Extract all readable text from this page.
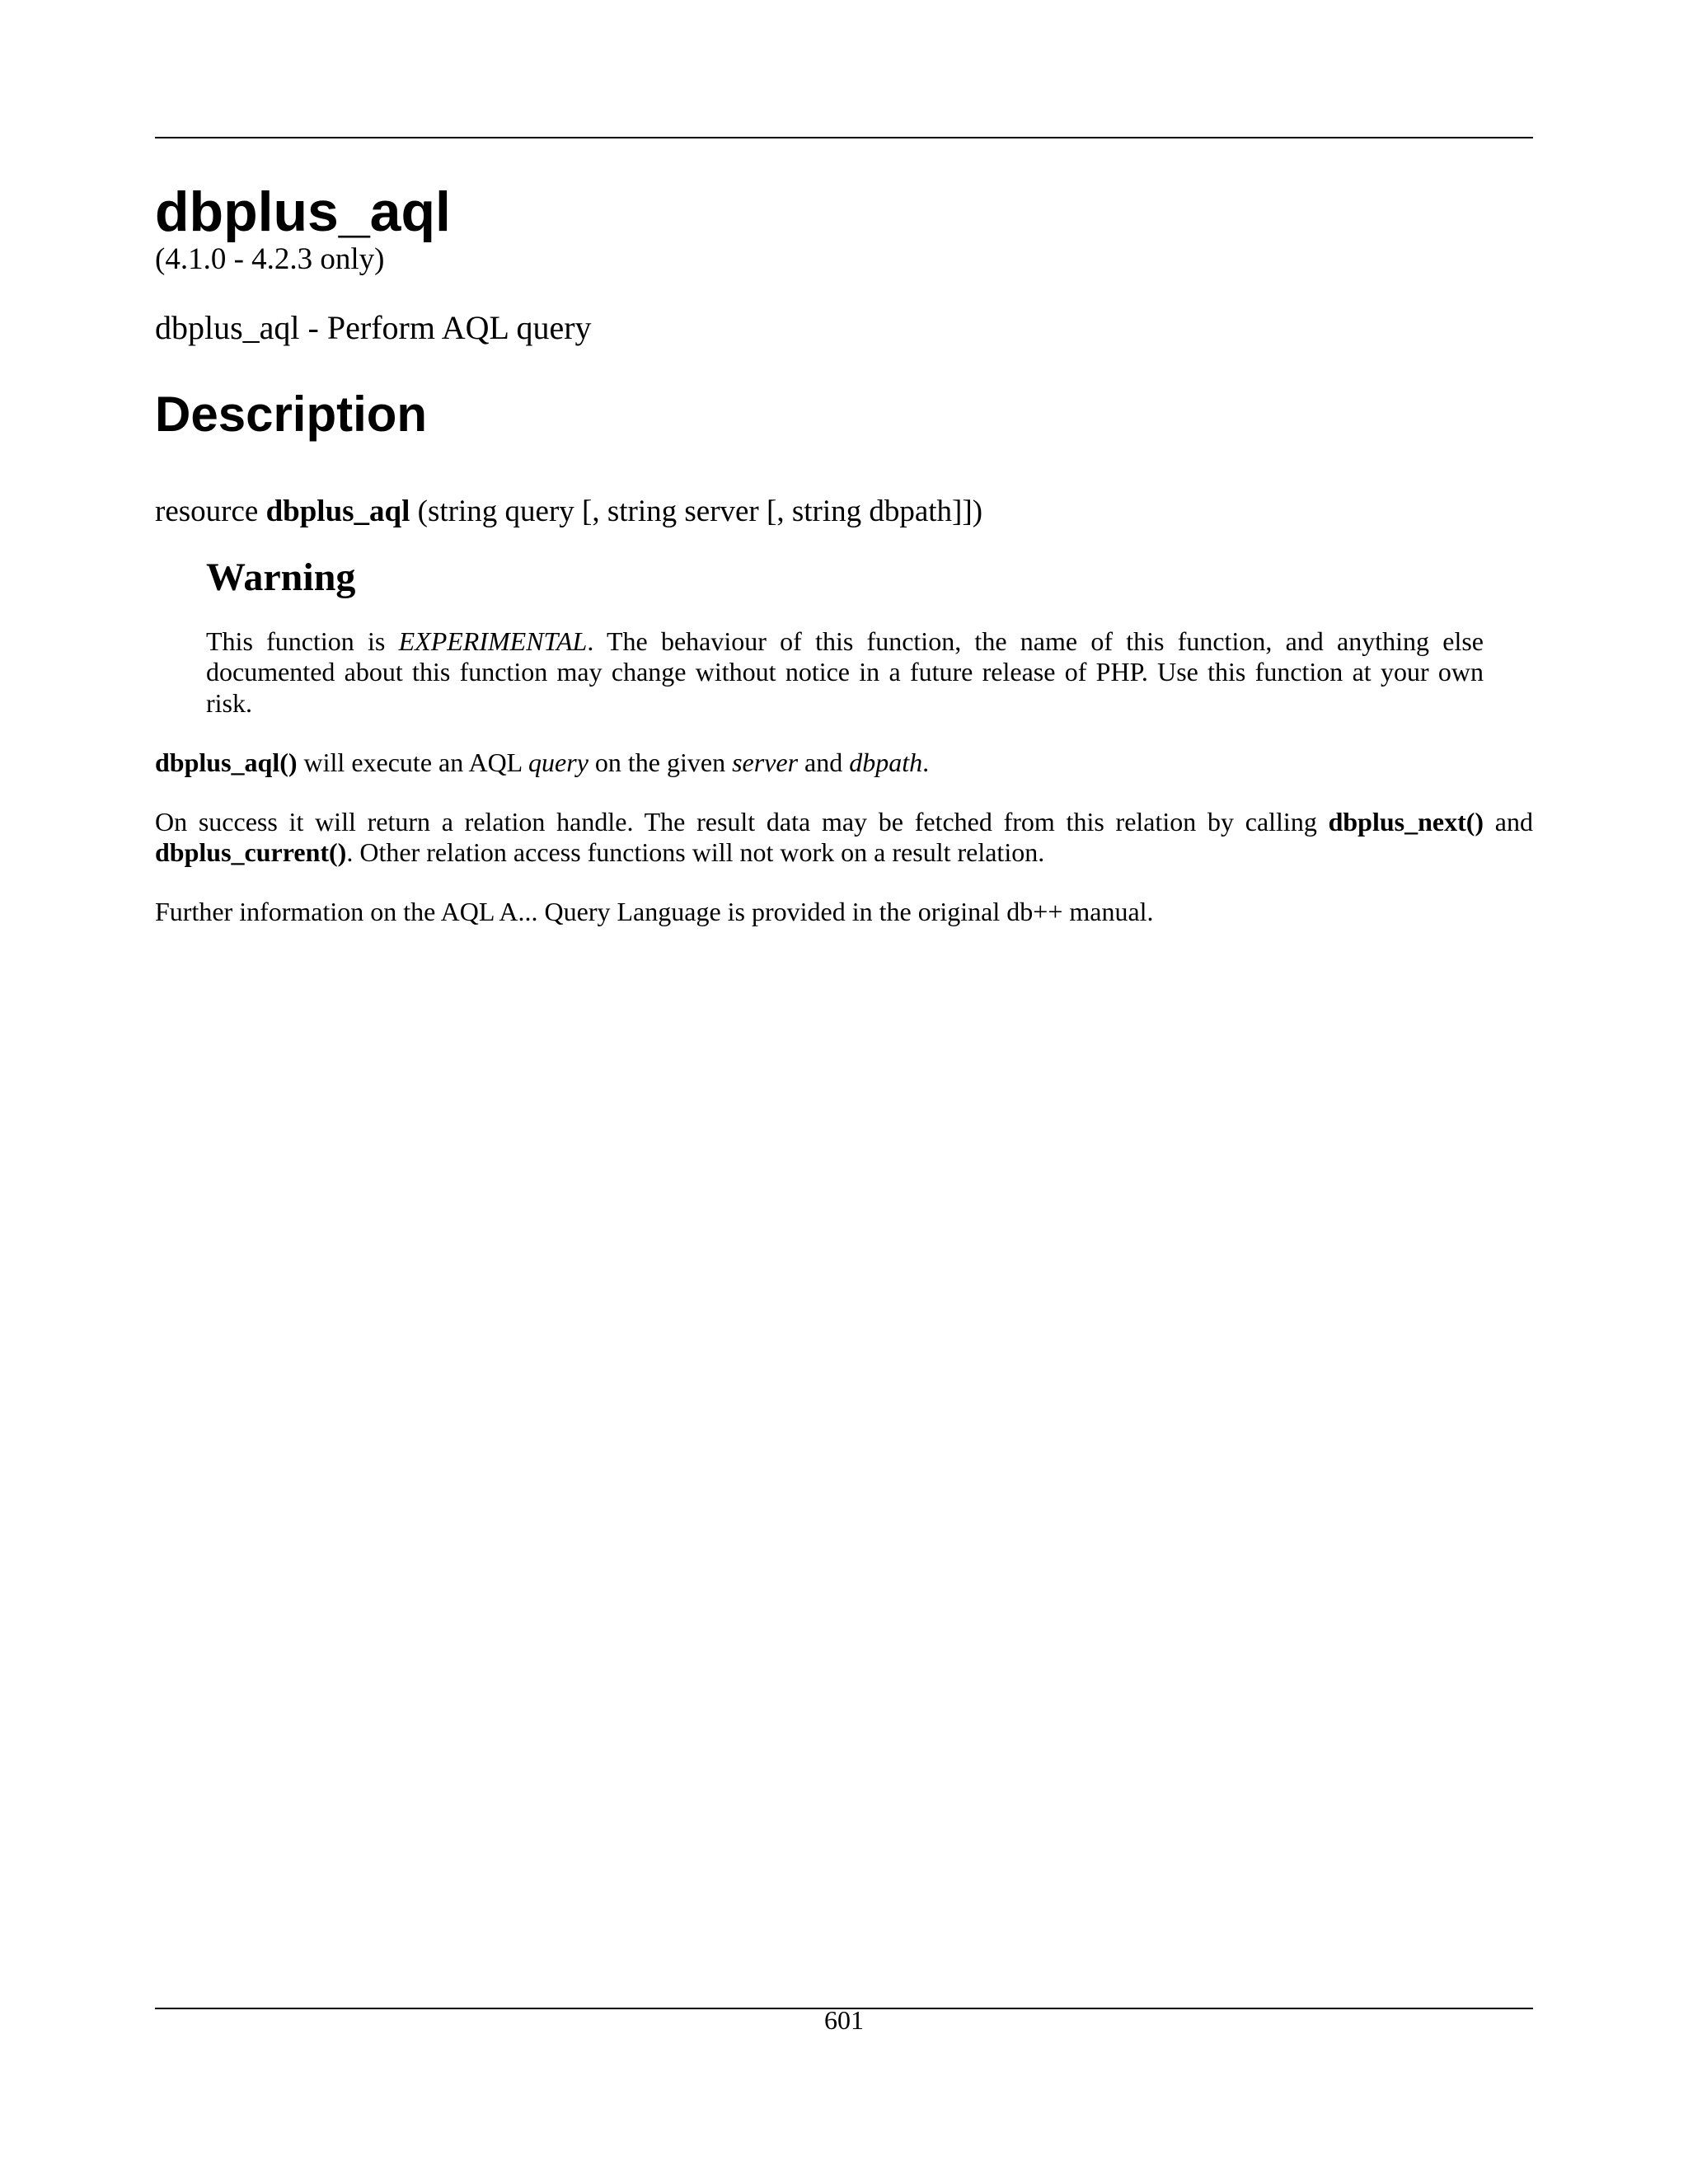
dbplus_aql

(4.1.0 - 4.2.3 only)

dbplus_aql - Perform AQL query

Description

resource dbplus_aql (string query [, string server [, string dbpath]])

Warning

This function is EXPERIMENTAL. The behaviour of this function, the name of this function, and anything else documented about this function may change without notice in a future release of PHP. Use this function at your own risk.

dbplus_aql() will execute an AQL query on the given server and dbpath.

On success it will return a relation handle. The result data may be fetched from this relation by calling dbplus_next() and dbplus_current(). Other relation access functions will not work on a result relation.

Further information on the AQL A... Query Language is provided in the original db++ manual.

601
